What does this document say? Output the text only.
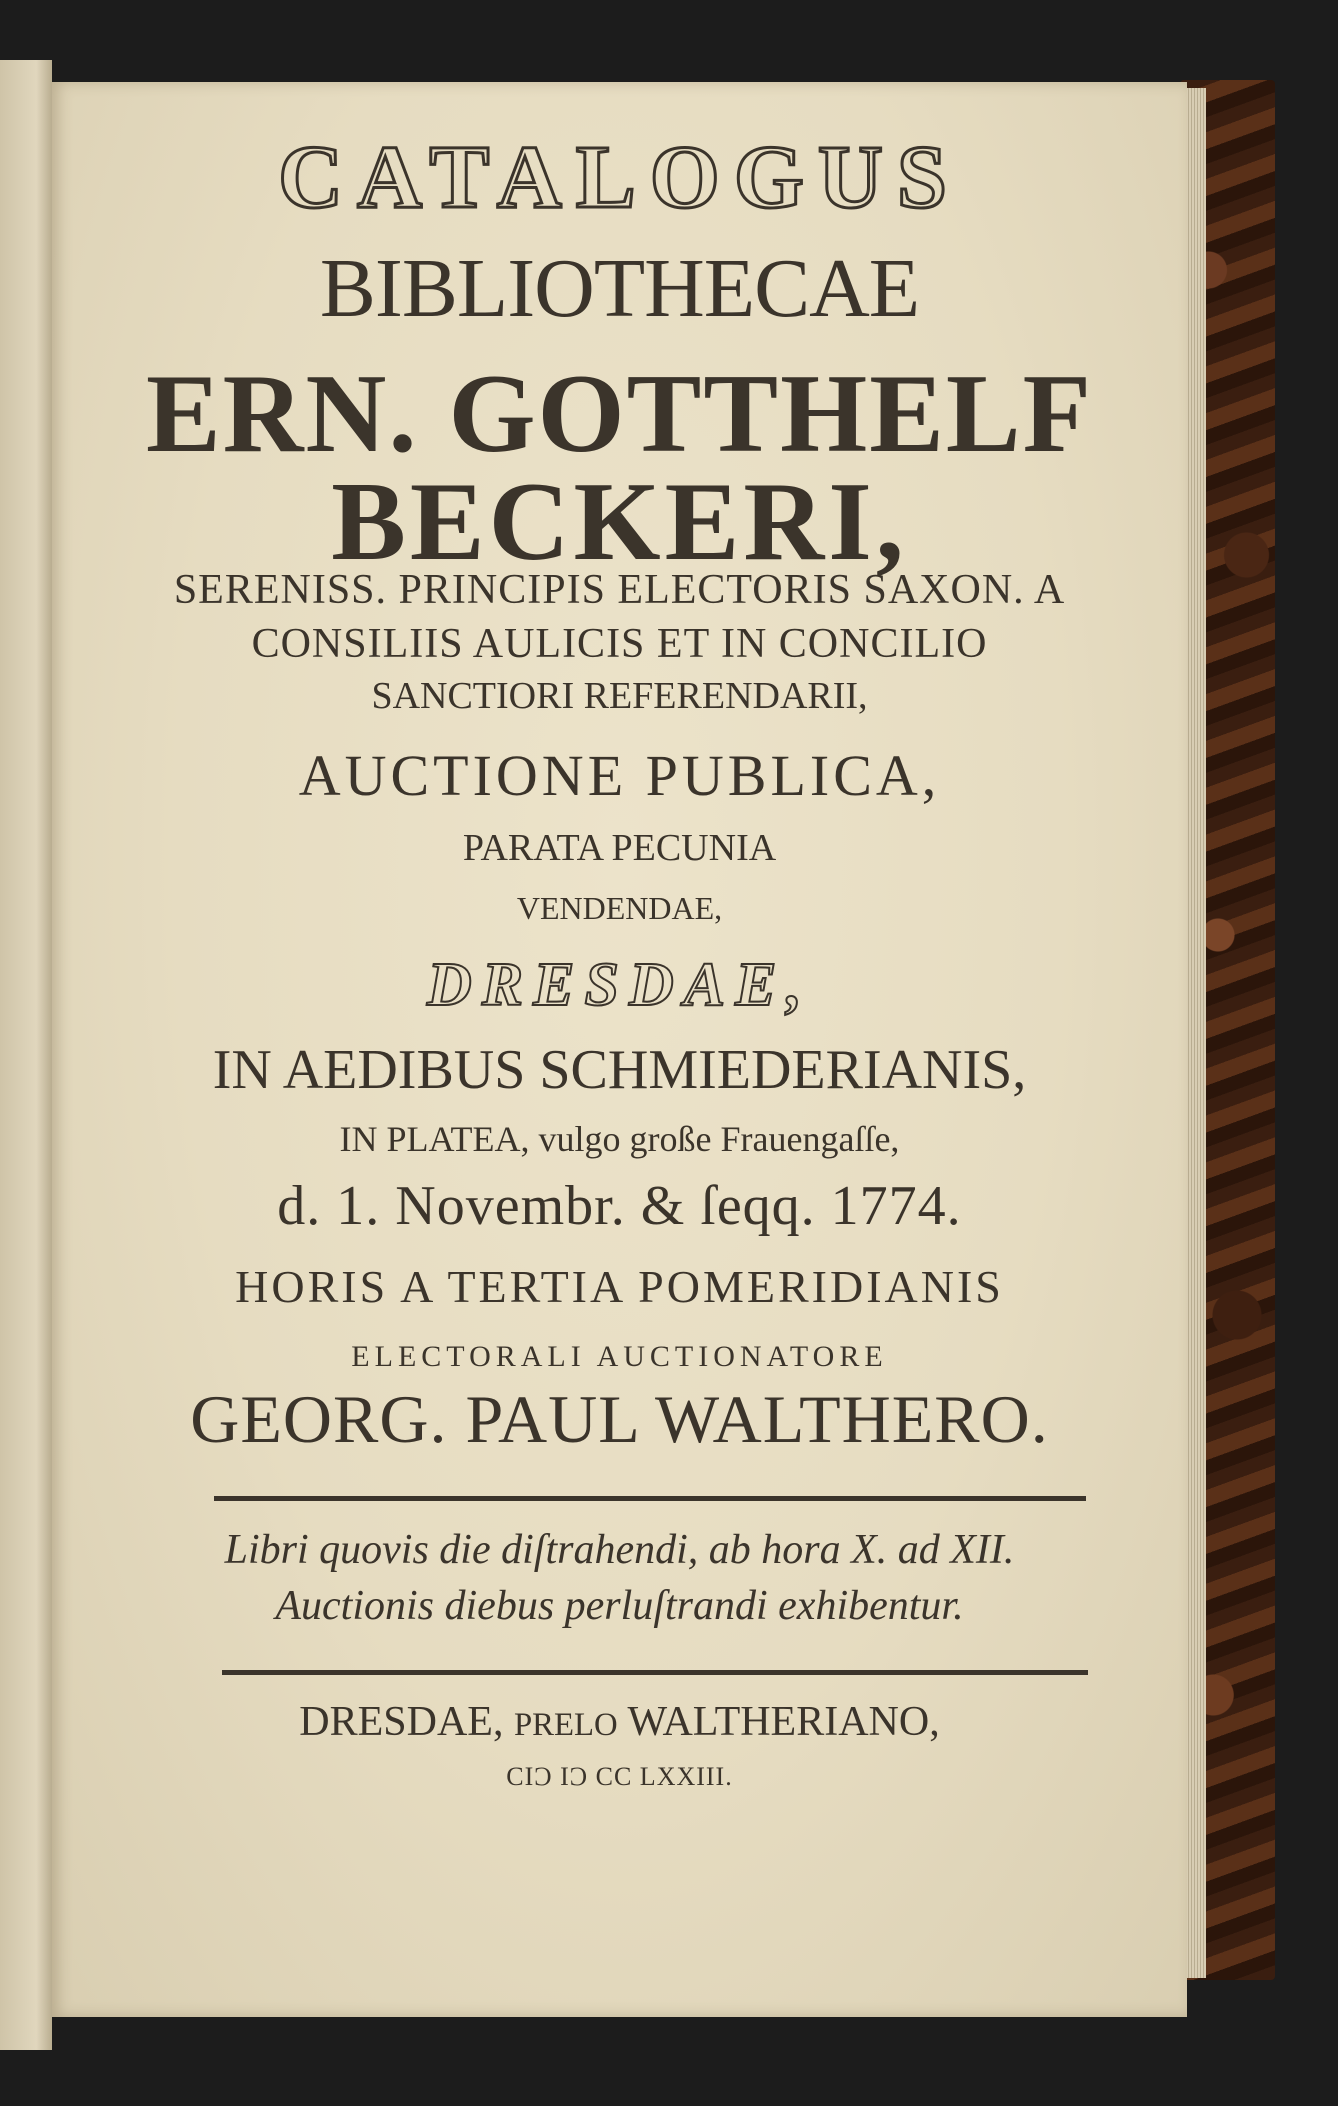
CATALOGUS
BIBLIOTHECAE
ERN. GOTTHELF
BECKERI,
SERENISS. PRINCIPIS ELECTORIS SAXON. A
CONSILIIS AULICIS ET IN CONCILIO
SANCTIORI REFERENDARII,
AUCTIONE PUBLICA,
PARATA PECUNIA
VENDENDAE,
DRESDAE,
IN AEDIBUS SCHMIEDERIANIS,
IN PLATEA, vulgo große Frauengaſſe,
d. 1. Novembr. & ſeqq. 1774.
HORIS A TERTIA POMERIDIANIS
ELECTORALI AUCTIONATORE
GEORG. PAUL WALTHERO.
Libri quovis die diſtrahendi, ab hora X. ad XII.
Auctionis diebus perluſtrandi exhibentur.
DRESDAE, PRELO WALTHERIANO,
CIϽ IϽ CC LXXIII.
